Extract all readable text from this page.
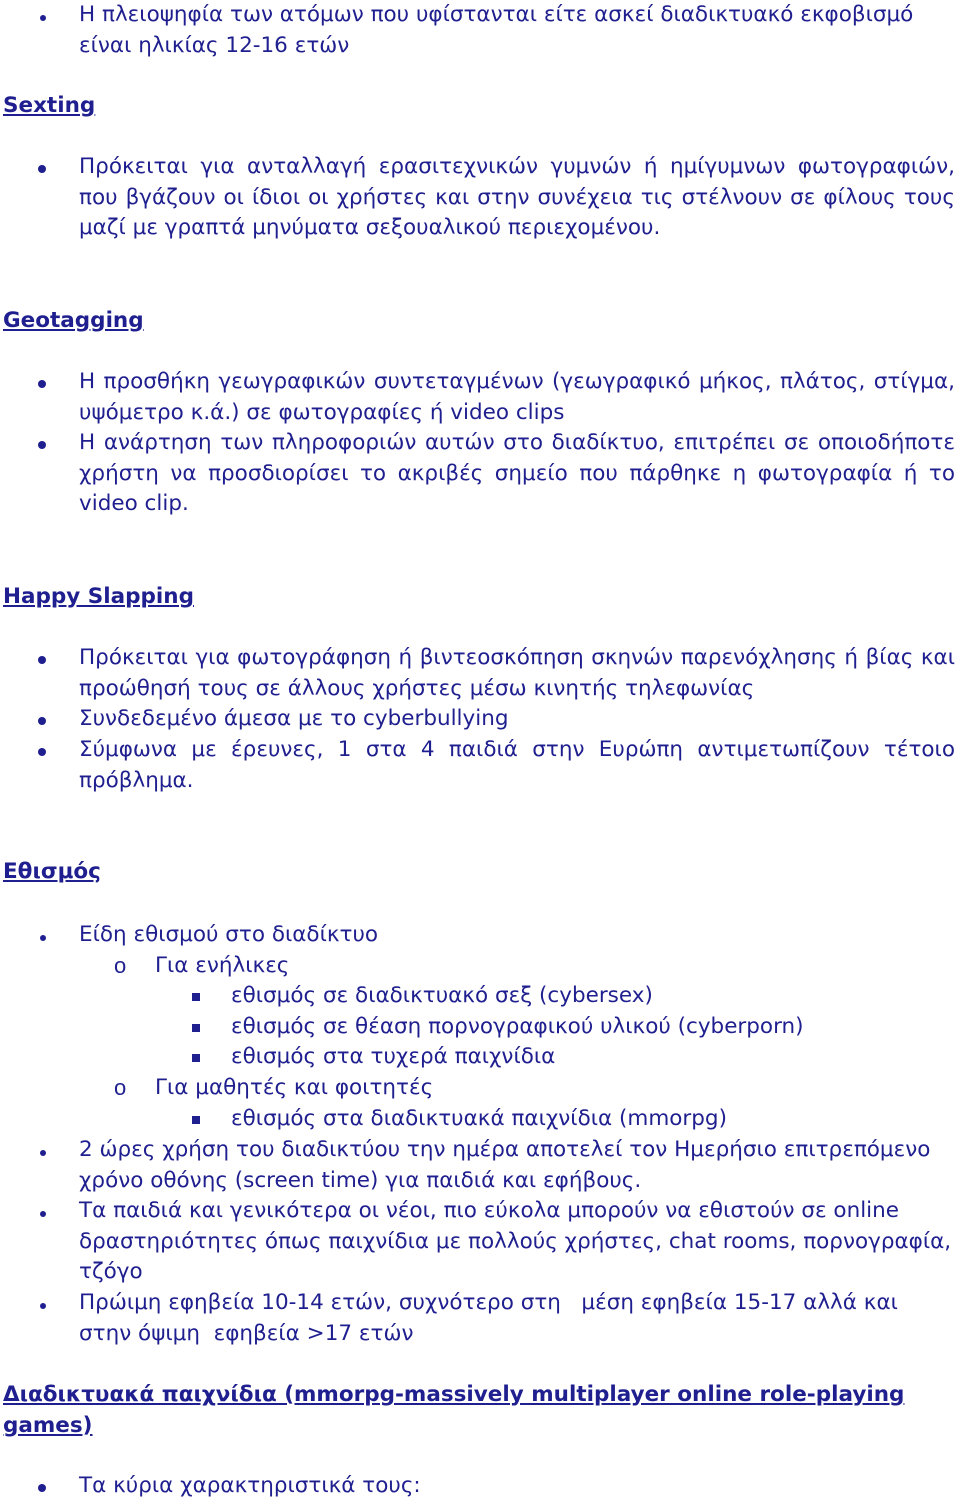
Η πλειοψηφία των ατόμων που υφίστανται είτε ασκεί διαδικτυακό εκφοβισμό είναι ηλικίας 12-16 ετών
Sexting
Πρόκειται για ανταλλαγή ερασιτεχνικών γυμνών ή ημίγυμνων φωτογραφιών, που βγάζουν οι ίδιοι οι χρήστες και στην συνέχεια τις στέλνουν σε φίλους τους μαζί με γραπτά μηνύματα σεξουαλικού περιεχομένου.
Geotagging
Η προσθήκη γεωγραφικών συντεταγμένων (γεωγραφικό μήκος, πλάτος, στίγμα, υψόμετρο κ.ά.) σε φωτογραφίες ή video clips
Η ανάρτηση των πληροφοριών αυτών στο διαδίκτυο, επιτρέπει σε οποιοδήποτε χρήστη να προσδιορίσει το ακριβές σημείο που πάρθηκε η φωτογραφία ή το video clip.
Happy Slapping
Πρόκειται για φωτογράφηση ή βιντεοσκόπηση σκηνών παρενόχλησης ή βίας και προώθησή τους σε άλλους χρήστες μέσω κινητής τηλεφωνίας
Συνδεδεμένο άμεσα με το cyberbullying
Σύμφωνα με έρευνες, 1 στα 4 παιδιά στην Ευρώπη αντιμετωπίζουν τέτοιο πρόβλημα.
Εθισμός
Είδη εθισμού στο διαδίκτυο
o	Για ενήλικες
εθισμός σε διαδικτυακό σεξ (cybersex)
εθισμός σε θέαση πορνογραφικού υλικού (cyberporn)
εθισμός στα τυχερά παιχνίδια
o	Για μαθητές και φοιτητές
εθισμός στα διαδικτυακά παιχνίδια (mmorpg)
2 ώρες χρήση του διαδικτύου την ημέρα αποτελεί τον Ημερήσιο επιτρεπόμενο χρόνο οθόνης (screen time) για παιδιά και εφήβους.
Τα παιδιά και γενικότερα οι νέοι, πιο εύκολα μπορούν να εθιστούν σε online δραστηριότητες όπως παιχνίδια με πολλούς χρήστες, chat rooms, πορνογραφία, τζόγο
Πρώιμη εφηβεία 10-14 ετών, συχνότερο στη   μέση εφηβεία 15-17 αλλά και στην όψιμη  εφηβεία >17 ετών
Διαδικτυακά παιχνίδια (mmorpg-massively multiplayer online role-playing games)
Τα κύρια χαρακτηριστικά τους:
